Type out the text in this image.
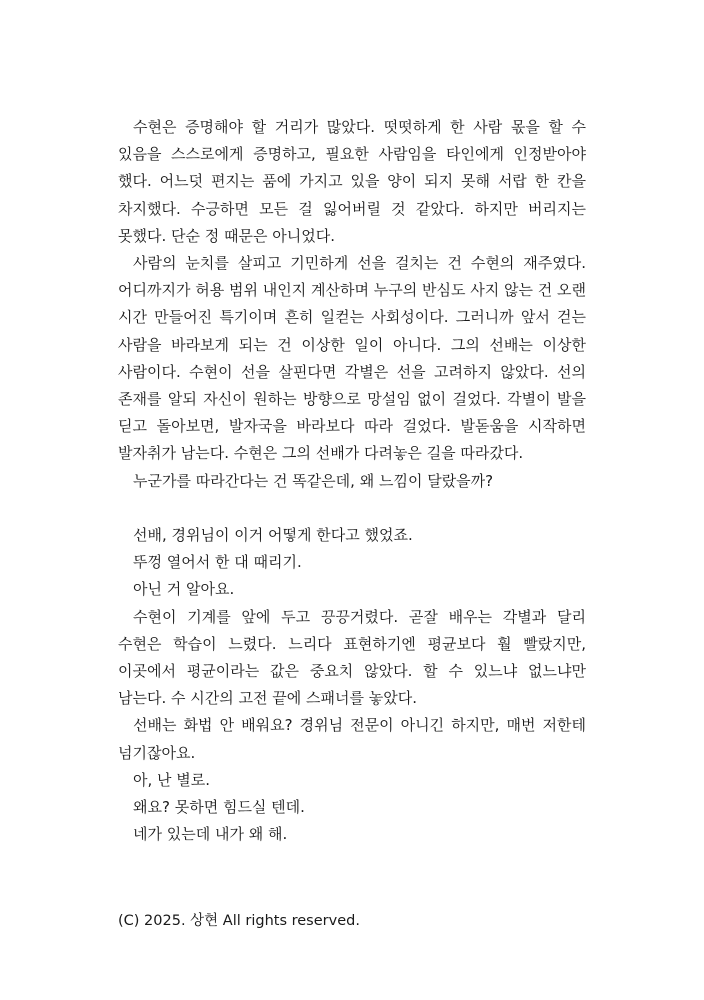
수현은 증명해야 할 거리가 많았다. 떳떳하게 한 사람 몫을 할 수 있음을 스스로에게 증명하고, 필요한 사람임을 타인에게 인정받아야 했다. 어느덧 편지는 품에 가지고 있을 양이 되지 못해 서랍 한 칸을 차지했다. 수긍하면 모든 걸 잃어버릴 것 같았다. 하지만 버리지는 못했다. 단순 정 때문은 아니었다.

사람의 눈치를 살피고 기민하게 선을 걸치는 건 수현의 재주였다. 어디까지가 허용 범위 내인지 계산하며 누구의 반심도 사지 않는 건 오랜 시간 만들어진 특기이며 흔히 일컫는 사회성이다. 그러니까 앞서 걷는 사람을 바라보게 되는 건 이상한 일이 아니다. 그의 선배는 이상한 사람이다. 수현이 선을 살핀다면 각별은 선을 고려하지 않았다. 선의 존재를 알되 자신이 원하는 방향으로 망설임 없이 걸었다. 각별이 발을 딛고 돌아보면, 발자국을 바라보다 따라 걸었다. 발돋움을 시작하면 발자취가 남는다. 수현은 그의 선배가 다려놓은 길을 따라갔다.

누군가를 따라간다는 건 똑같은데, 왜 느낌이 달랐을까?

선배, 경위님이 이거 어떻게 한다고 했었죠.

뚜껑 열어서 한 대 때리기.

아닌 거 알아요.

수현이 기계를 앞에 두고 끙끙거렸다. 곧잘 배우는 각별과 달리 수현은 학습이 느렸다. 느리다 표현하기엔 평균보다 훨 빨랐지만, 이곳에서 평균이라는 값은 중요치 않았다. 할 수 있느냐 없느냐만 남는다. 수 시간의 고전 끝에 스패너를 놓았다.

선배는 화법 안 배워요? 경위님 전문이 아니긴 하지만, 매번 저한테 넘기잖아요.

아, 난 별로.

왜요? 못하면 힘드실 텐데.

네가 있는데 내가 왜 해.

(C) 2025. 상현 All rights reserved.
